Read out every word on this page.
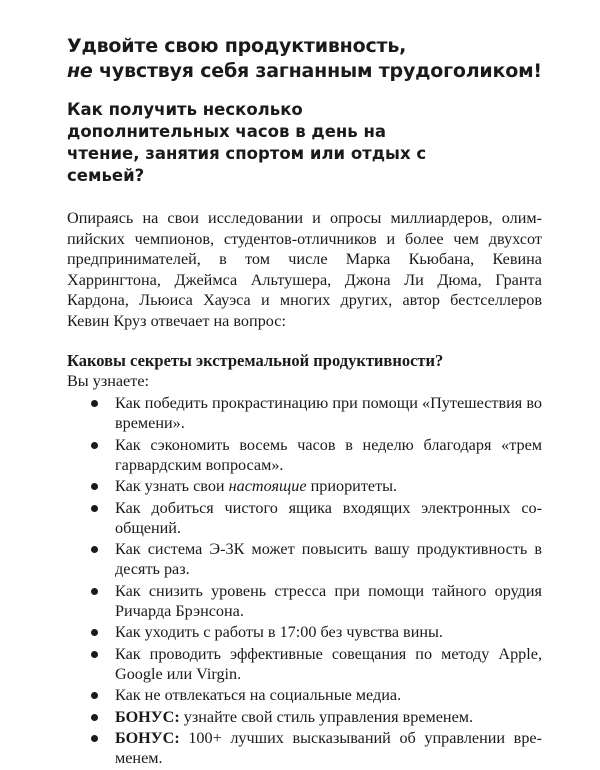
Удвойте свою продуктивность,
не чувствуя себя загнанным трудоголиком!
Как получить несколько дополнительных часов в день на чтение, занятия спортом или отдых с семьей?

Опираясь на свои исследовании и опросы миллиардеров, олимпийских чемпионов, студентов-отличников и более чем двухсот предпринимателей, в том числе Марка Кьюбана, Кевина Харрингтона, Джеймса Альтушера, Джона Ли Дюма, Гранта Кардона, Льюиса Хауэса и многих других, автор бестселлеров Кевин Круз отвечает на вопрос:

Каковы секреты экстремальной продуктивности?

Вы узнаете:

Как победить прокрастинацию при помощи «Путешествия во времени».
Как сэкономить восемь часов в неделю благодаря «трем гарвардским вопросам».
Как узнать свои настоящие приоритеты.
Как добиться чистого ящика входящих электронных сообщений.
Как система Э-3К может повысить вашу продуктивность в десять раз.
Как снизить уровень стресса при помощи тайного орудия Ричарда Брэнсона.
Как уходить с работы в 17:00 без чувства вины.
Как проводить эффективные совещания по методу Apple, Google или Virgin.
Как не отвлекаться на социальные медиа.
БОНУС: узнайте свой стиль управления временем.
БОНУС: 100+ лучших высказываний об управлении временем.
